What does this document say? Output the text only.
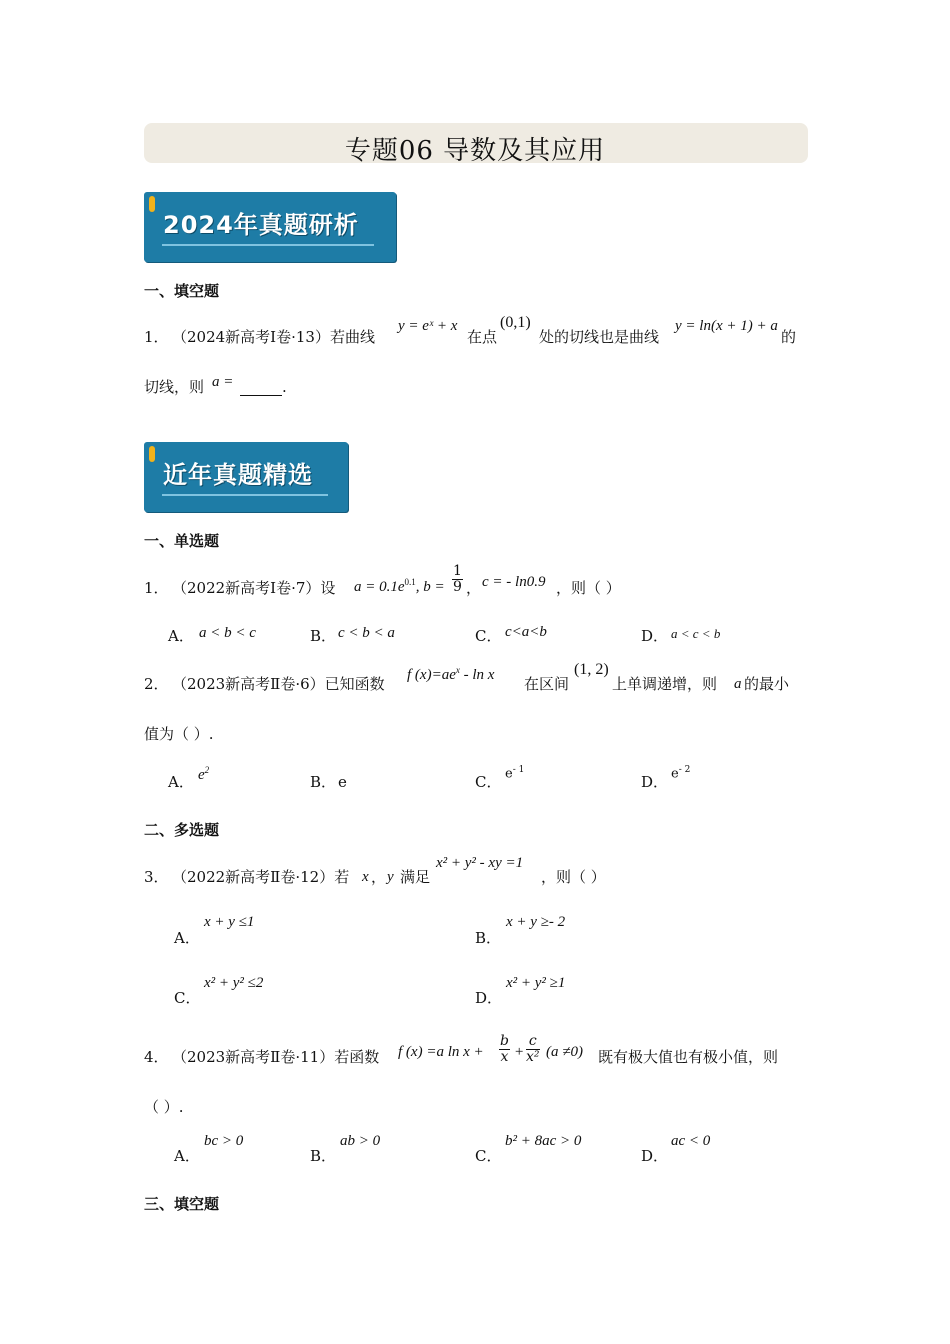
专题06 导数及其应用
2024年真题研析
一、填空题
1． （2024新高考Ⅰ卷·13）若曲线
y = eˣ + x
在点
(0,1)
处的切线也是曲线
y = ln(x + 1) + a
的
切线，则 a =	.
近年真题精选
一、单选题
1． （2022新高考Ⅰ卷·7）设 $a = 0.1e^{0.1}$, $b = \frac{1}{9}$ ， c = - ln0.9 ，则（ ）
A． a < b < c	B． c < b < a	C． c<a<b	D． a < c < b
2． （2023新高考Ⅱ卷·6）已知函数 f $(x)=ae^x - \ln x$ 在区间
(1, 2)
上单调递增，则 a 的最小
值为（ ）.
A． $e^2$
B． e	C． $e^{- 1}$
D． $e^{- 2}$
二、多选题
3． （2022新高考Ⅱ卷·12）若 x ， y 满足
x² + y² - xy =1
，则（ ）
A．
x + y ≤1
B．
x + y ≥- 2
C．
x² + y² ≤2
D．
x² + y² ≥1
4． （2023新高考Ⅱ卷·11）若函数 f (x) =a $\ln x + \frac{b}{x} + \frac{c}{\text{x²}} (a \ne 0)$ 既有极大值也有极小值，则
（ ）.
A．
bc > 0
B．
ab > 0
C．
b² + 8ac > 0
D．
ac < 0
三、填空题
